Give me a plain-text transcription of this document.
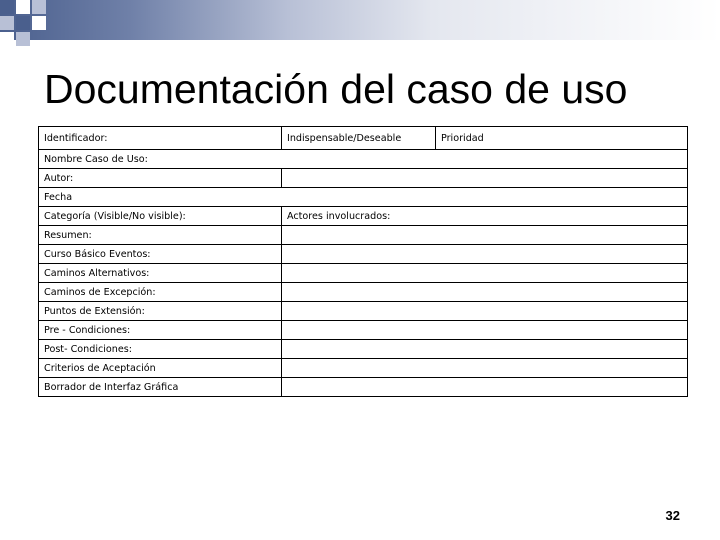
Documentación del caso de uso
Identificador:	Indispensable/Deseable	Prioridad
Nombre Caso de Uso:		
Autor:		
Fecha		
Categoría (Visible/No visible):	Actores involucrados:	
Resumen:		
Curso Básico Eventos:		
Caminos Alternativos:		
Caminos de Excepción:		
Puntos de Extensión:		
Pre - Condiciones:		
Post- Condiciones:		
Criterios de Aceptación		
Borrador de Interfaz Gráfica		
32
